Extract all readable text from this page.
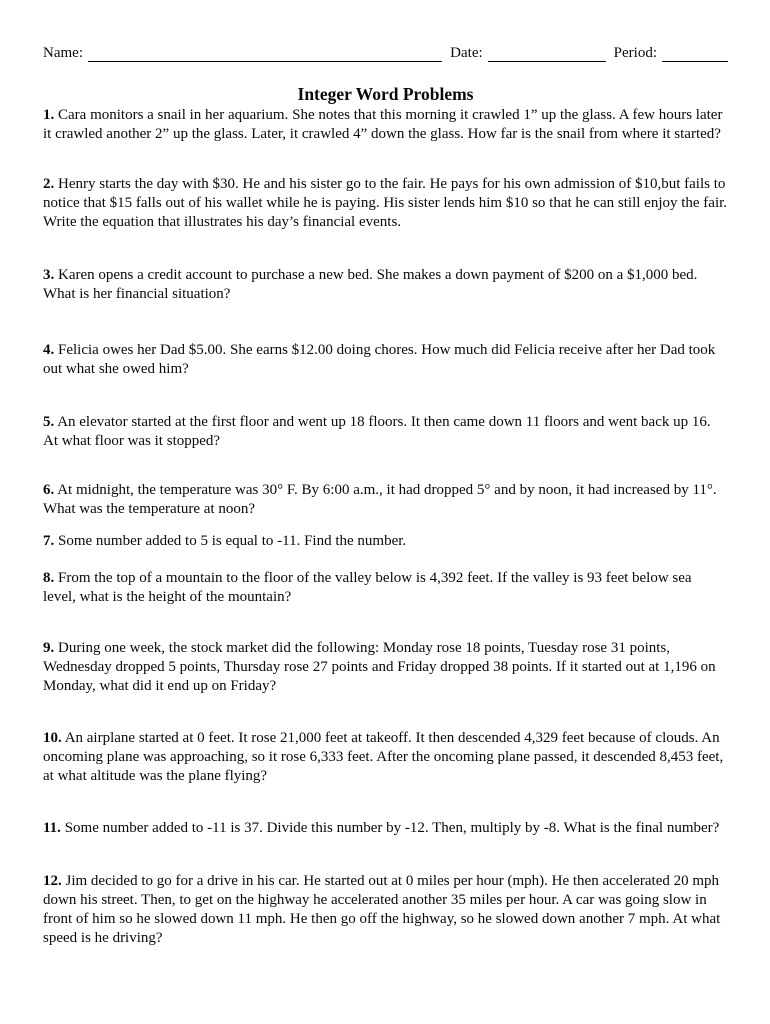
Name:	Date:	Period:
Integer Word Problems

1. Cara monitors a snail in her aquarium. She notes that this morning it crawled 1” up the glass. A few hours later it crawled another 2” up the glass. Later, it crawled 4” down the glass. How far is the snail from where it started?

2. Henry starts the day with $30. He and his sister go to the fair. He pays for his own admission of $10,but fails to notice that $15 falls out of his wallet while he is paying. His sister lends him $10 so that he can still enjoy the fair. Write the equation that illustrates his day’s financial events.

3. Karen opens a credit account to purchase a new bed. She makes a down payment of $200 on a $1,000 bed. What is her financial situation?

4. Felicia owes her Dad $5.00. She earns $12.00 doing chores. How much did Felicia receive after her Dad took out what she owed him?

5. An elevator started at the first floor and went up 18 floors. It then came down 11 floors and went back up 16. At what floor was it stopped?

6. At midnight, the temperature was 30° F. By 6:00 a.m., it had dropped 5° and by noon, it had increased by 11°. What was the temperature at noon?

7. Some number added to 5 is equal to -11. Find the number.

8. From the top of a mountain to the floor of the valley below is 4,392 feet. If the valley is 93 feet below sea level, what is the height of the mountain?

9. During one week, the stock market did the following: Monday rose 18 points, Tuesday rose 31 points, Wednesday dropped 5 points, Thursday rose 27 points and Friday dropped 38 points. If it started out at 1,196 on Monday, what did it end up on Friday?

10. An airplane started at 0 feet. It rose 21,000 feet at takeoff. It then descended 4,329 feet because of clouds. An oncoming plane was approaching, so it rose 6,333 feet. After the oncoming plane passed, it descended 8,453 feet, at what altitude was the plane flying?

11. Some number added to -11 is 37. Divide this number by -12. Then, multiply by -8. What is the final number?

12. Jim decided to go for a drive in his car. He started out at 0 miles per hour (mph). He then accelerated 20 mph down his street. Then, to get on the highway he accelerated another 35 miles per hour. A car was going slow in front of him so he slowed down 11 mph. He then go off the highway, so he slowed down another 7 mph. At what speed is he driving?
